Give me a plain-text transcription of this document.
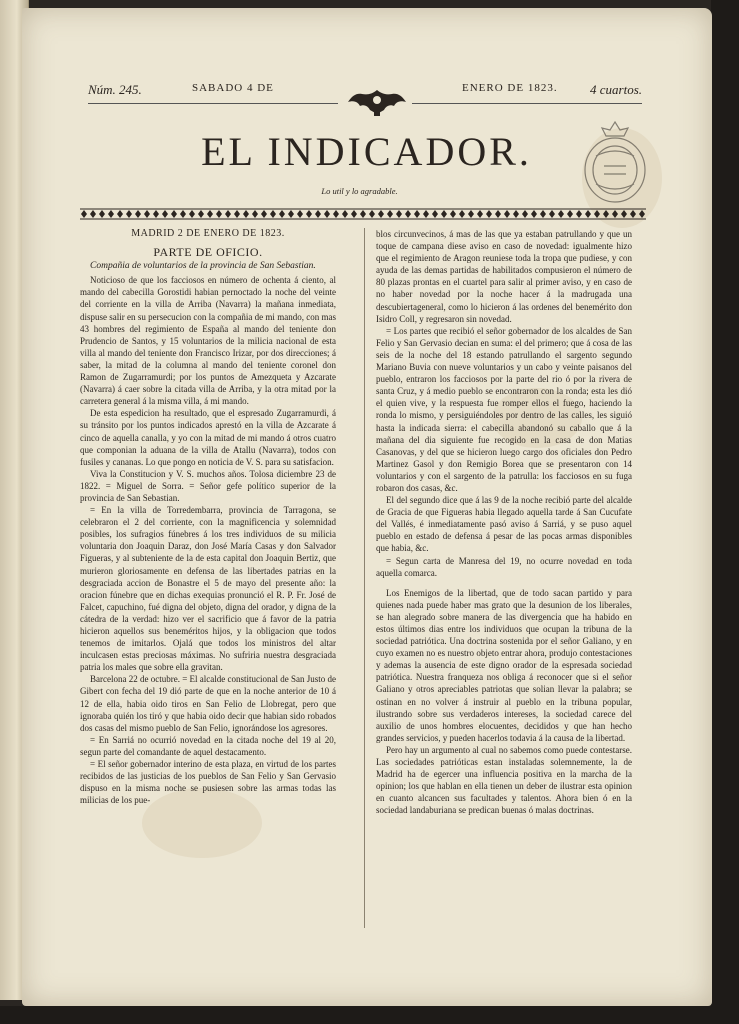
Núm. 245.	SABADO 4 DE	ENERO DE 1823. 4 cuartos.
EL INDICADOR.
Lo util y lo agradable.

MADRID 2 DE ENERO DE 1823.

PARTE DE OFICIO.

Compañia de voluntarios de la provincia de San Sebastian.

Noticioso de que los facciosos en número de ochenta á ciento, al mando del cabecilla Gorostidi habian pernoctado la noche del veinte del corriente en la villa de Arriba (Navarra) la mañana inmediata, dispuse salir en su persecucion con la compañia de mi mando, con mas 43 hombres del regimiento de España al mando del teniente don Prudencio de Santos, y 15 voluntarios de la milicia nacional de esta villa al mando del teniente don Francisco Irizar, por dos direcciones; á saber, la mitad de la columna al mando del teniente coronel don Ramon de Zugarramurdi; por los puntos de Amezqueta y Azcarate (Navarra) á caer sobre la citada villa de Arriba, y la otra mitad por la carretera general á la misma villa, á mi mando.

De esta espedicion ha resultado, que el espresado Zugarramurdi, á su tránsito por los puntos indicados aprestó en la villa de Azcarate á cinco de aquella canalla, y yo con la mitad de mi mando á otros cuatro que componian la aduana de la villa de Atallu (Navarra), todos con fusiles y cananas. Lo que pongo en noticia de V. S. para su satisfacion.

Viva la Constitucion y V. S. muchos años. Tolosa diciembre 23 de 1822. = Miguel de Sorra. = Señor gefe político superior de la provincia de San Sebastian.

= En la villa de Torredembarra, provincia de Tarragona, se celebraron el 2 del corriente, con la magnificencia y solemnidad posibles, los sufragios fúnebres á los tres individuos de su milicia voluntaria don Joaquin Daraz, don José María Casas y don Salvador Figueras, y al subteniente de la de esta capital don Joaquin Bertiz, que murieron gloriosamente en defensa de las libertades patrias en la desgraciada accion de Bonastre el 5 de mayo del presente año: la oracion fúnebre que en dichas exequias pronunció el R. P. Fr. José de Falcet, capuchino, fué digna del objeto, digna del orador, y digna de la cátedra de la verdad: hizo ver el sacrificio que á favor de la patria hicieron aquellos sus beneméritos hijos, y la obligacion que todos tenemos de imitarlos. Ojalá que todos los ministros del altar inculcasen estas preciosas máximas. No sufriria nuestra desgraciada patria los males que sobre ella gravitan.

Barcelona 22 de octubre. = El alcalde constitucional de San Justo de Gibert con fecha del 19 dió parte de que en la noche anterior de 10 á 12 de ella, habia oido tiros en San Felio de Llobregat, pero que ignoraba quién los tiró y que habia oido decir que habian sido robados dos casas del mismo pueblo de San Felio, ignorándose los agresores.

= En Sarriá no ocurrió novedad en la citada noche del 19 al 20, segun parte del comandante de aquel destacamento.

= El señor gobernador interino de esta plaza, en virtud de los partes recibidos de las justicias de los pueblos de San Felio y San Gervasio dispuso en la misma noche se pusiesen sobre las armas todas las milicias de los pue-

blos circunvecinos, á mas de las que ya estaban patrullando y que un toque de campana diese aviso en caso de novedad: igualmente hizo que el regimiento de Aragon reuniese toda la tropa que pudiese, y con ayuda de las demas partidas de habilitados compusieron el número de 80 plazas prontas en el cuartel para salir al primer aviso, y en caso de no haber novedad por la noche hacer á la madrugada una descubiertageneral, como lo hicieron á las ordenes del benemérito don Isidro Coll, y regresaron sin novedad.

= Los partes que recibió el señor gobernador de los alcaldes de San Felio y San Gervasio decian en suma: el del primero; que á cosa de las seis de la noche del 18 estando patrullando el sargento segundo Mariano Buvia con nueve voluntarios y un cabo y veinte paisanos del pueblo, entraron los facciosos por la parte del rio ó por la rivera de santa Cruz, y á medio pueblo se encontraron con la ronda; esta les dió el quien vive, y la respuesta fue romper ellos el fuego, haciendo la ronda lo mismo, y persiguiéndoles por dentro de las calles, les siguió hasta la indicada sierra: el cabecilla abandonó su caballo que á la mañana del dia siguiente fue recogido en la casa de don Matias Casanovas, y del que se hicieron luego cargo dos oficiales don Pedro Martinez Gasol y don Remigio Borea que se presentaron con 14 voluntarios y con el sargento de la patrulla: los facciosos en su fuga robaron dos casas, &c.

El del segundo dice que á las 9 de la noche recibió parte del alcalde de Gracia de que Figueras habia llegado aquella tarde á San Cucufate del Vallés, é inmediatamente pasó aviso á Sarriá, y se puso aquel pueblo en estado de defensa á pesar de las pocas armas disponibles que habia, &c.

= Segun carta de Manresa del 19, no ocurre novedad en toda aquella comarca.

Los Enemigos de la libertad, que de todo sacan partido y para quienes nada puede haber mas grato que la desunion de los liberales, se han alegrado sobre manera de las divergencia que ha habido en estos últimos dias entre los individuos que ocupan la tribuna de la sociedad patriótica. Una doctrina sostenida por el señor Galiano, y en cuyo examen no es nuestro objeto entrar ahora, produjo contestaciones y ademas la ausencia de este digno orador de la espresada sociedad patriótica. Nuestra franqueza nos obliga á reconocer que si el señor Galiano y otros apreciables patriotas que solian llevar la palabra; se ostinan en no volver á instruir al pueblo en la tribuna popular, ilustrando sobre sus verdaderos intereses, la sociedad carece del auxilio de unos hombres elocuentes, decididos y que han hecho grandes servicios, y pueden hacerlos todavia á la causa de la libertad.

Pero hay un argumento al cual no sabemos como puede contestarse. Las sociedades patrióticas estan instaladas solemnemente, la de Madrid ha de egercer una influencia positiva en la marcha de la opinion; los que hablan en ella tienen un deber de ilustrar esta opinion en cuanto alcancen sus facultades y talentos. Ahora bien ó en la sociedad landaburiana se predican buenas ó malas doctrinas.
